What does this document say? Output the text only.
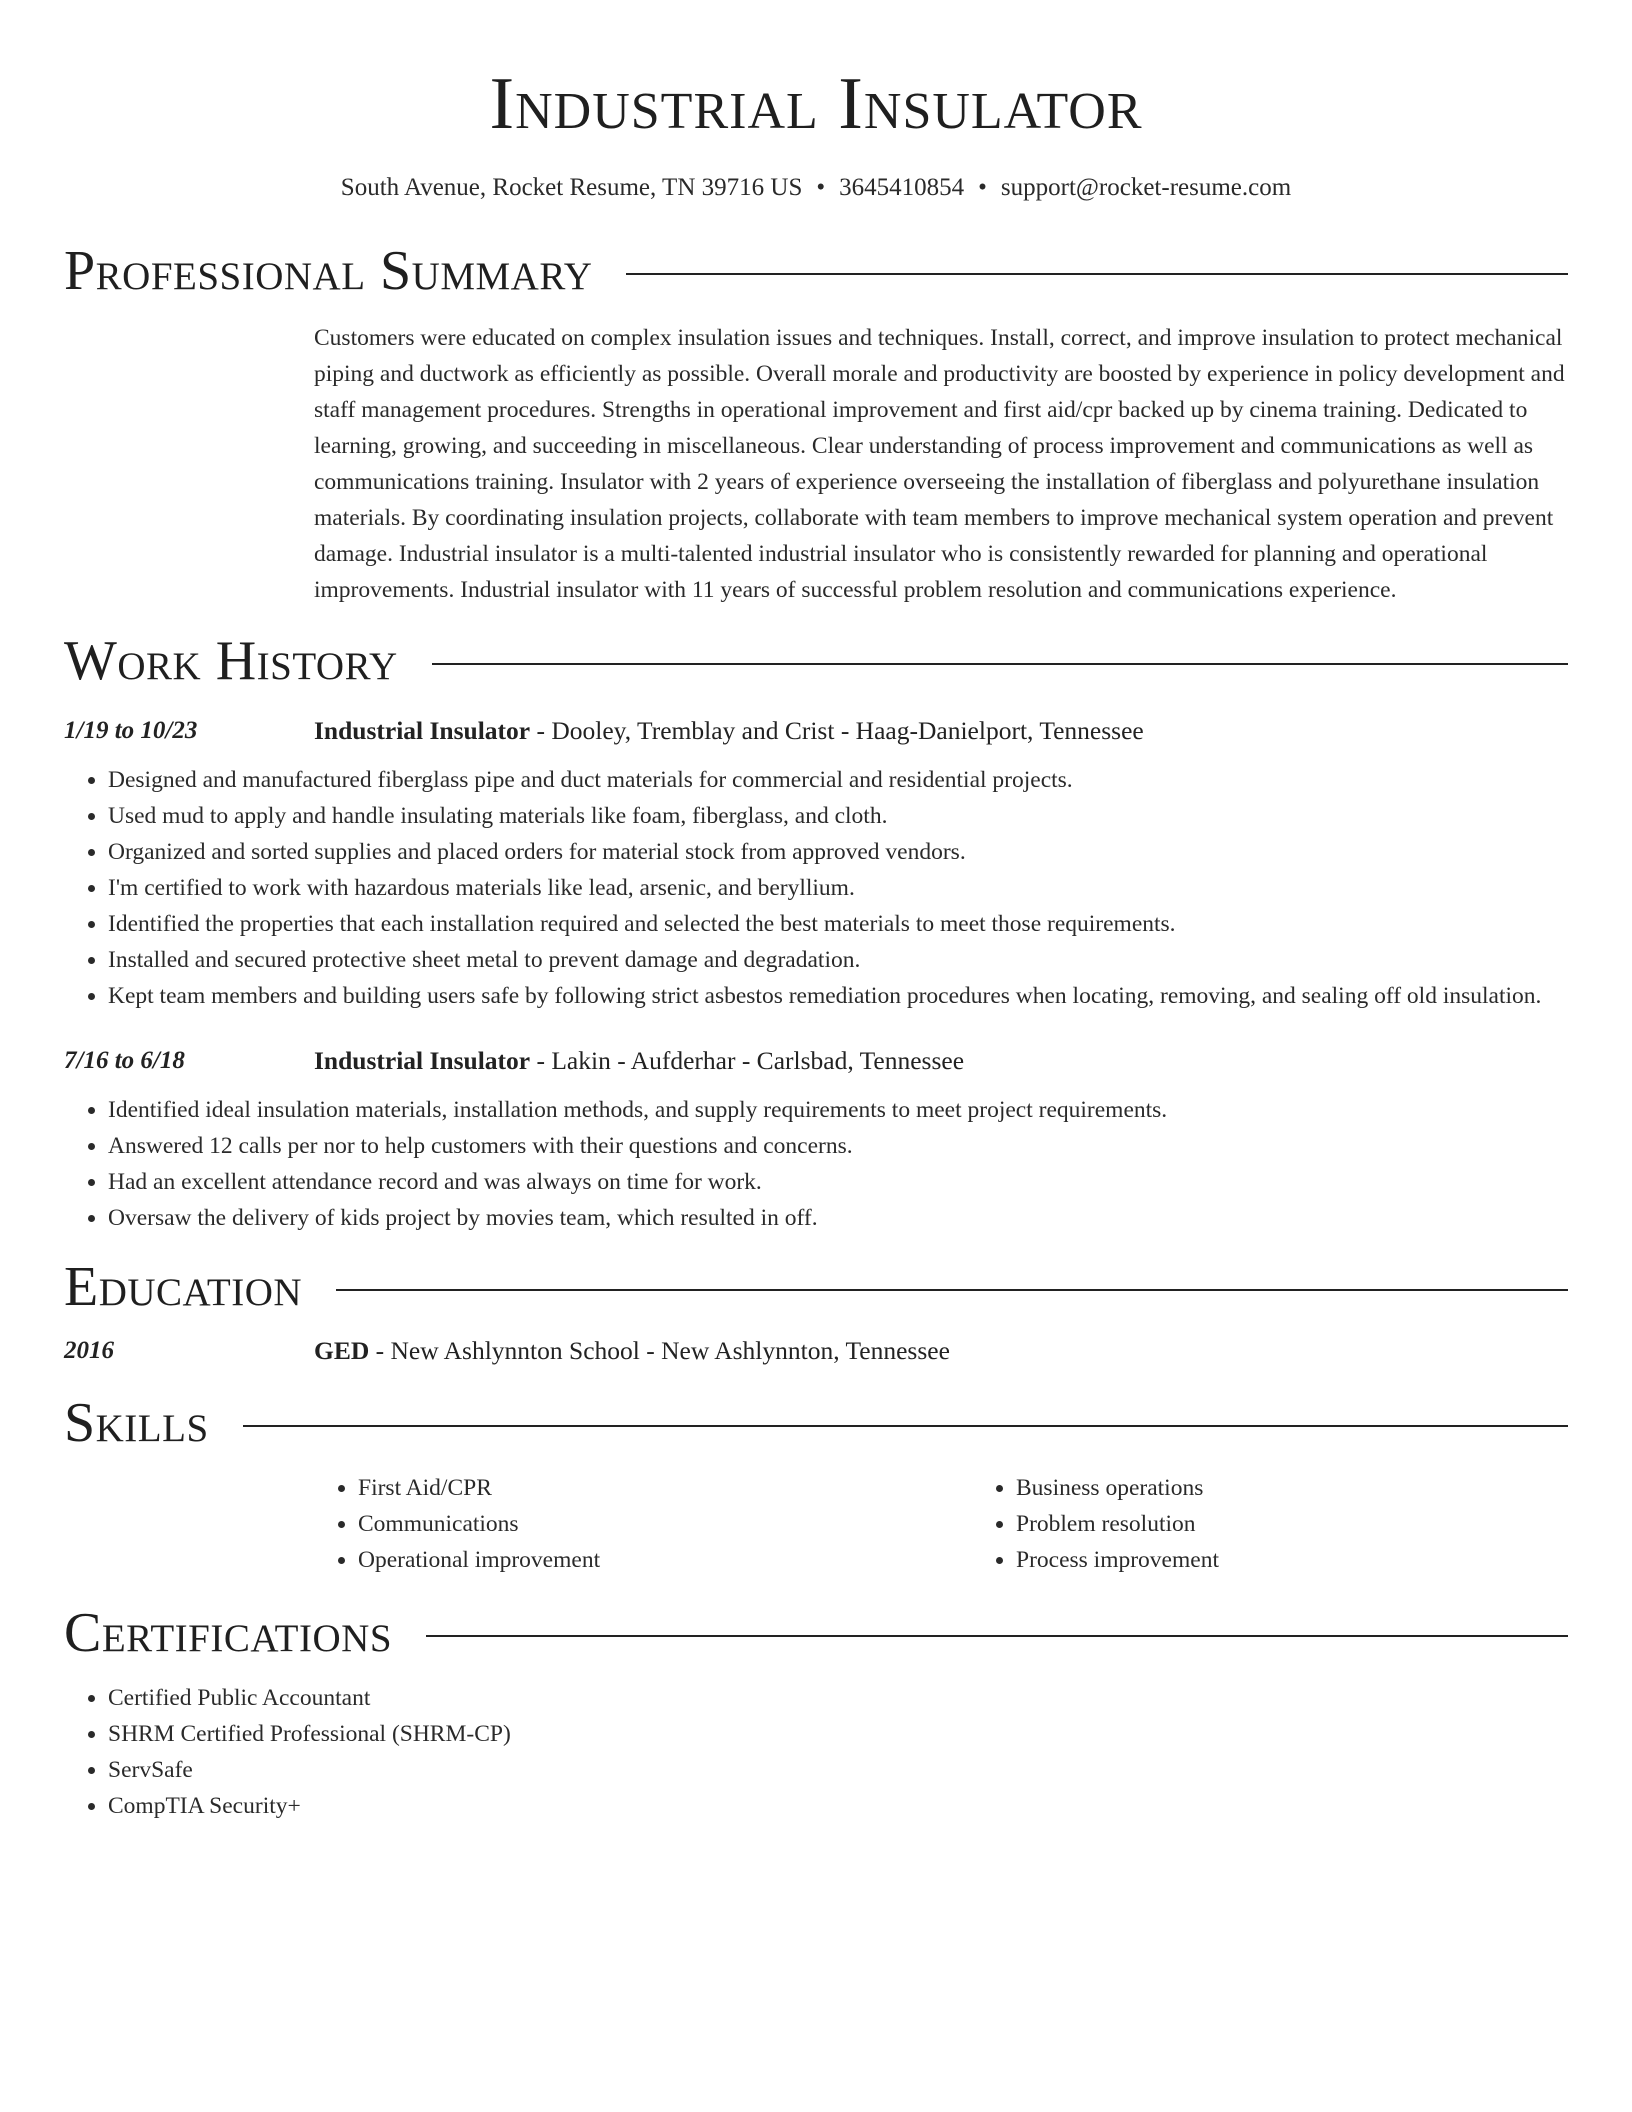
Industrial Insulator
South Avenue, Rocket Resume, TN 39716 US • 3645410854 • support@rocket-resume.com
Professional Summary

Customers were educated on complex insulation issues and techniques. Install, correct, and improve insulation to protect mechanical piping and ductwork as efficiently as possible. Overall morale and productivity are boosted by experience in policy development and staff management procedures. Strengths in operational improvement and first aid/cpr backed up by cinema training. Dedicated to learning, growing, and succeeding in miscellaneous. Clear understanding of process improvement and communications as well as communications training. Insulator with 2 years of experience overseeing the installation of fiberglass and polyurethane insulation materials. By coordinating insulation projects, collaborate with team members to improve mechanical system operation and prevent damage. Industrial insulator is a multi-talented industrial insulator who is consistently rewarded for planning and operational improvements. Industrial insulator with 11 years of successful problem resolution and communications experience.

Work History
1/19 to 10/23	Industrial Insulator - Dooley, Tremblay and Crist - Haag-Danielport, Tennessee
• Designed and manufactured fiberglass pipe and duct materials for commercial and residential projects.
• Used mud to apply and handle insulating materials like foam, fiberglass, and cloth.
• Organized and sorted supplies and placed orders for material stock from approved vendors.
• I'm certified to work with hazardous materials like lead, arsenic, and beryllium.
• Identified the properties that each installation required and selected the best materials to meet those requirements.
• Installed and secured protective sheet metal to prevent damage and degradation.
• Kept team members and building users safe by following strict asbestos remediation procedures when locating, removing, and sealing off old insulation.
7/16 to 6/18	Industrial Insulator - Lakin - Aufderhar - Carlsbad, Tennessee
• Identified ideal insulation materials, installation methods, and supply requirements to meet project requirements.
• Answered 12 calls per nor to help customers with their questions and concerns.
• Had an excellent attendance record and was always on time for work.
• Oversaw the delivery of kids project by movies team, which resulted in off.
Education
2016	GED - New Ashlynnton School - New Ashlynnton, Tennessee
Skills
• First Aid/CPR
• Communications
• Operational improvement
• Business operations
• Problem resolution
• Process improvement
Certifications
• Certified Public Accountant
• SHRM Certified Professional (SHRM-CP)
• ServSafe
• CompTIA Security+
